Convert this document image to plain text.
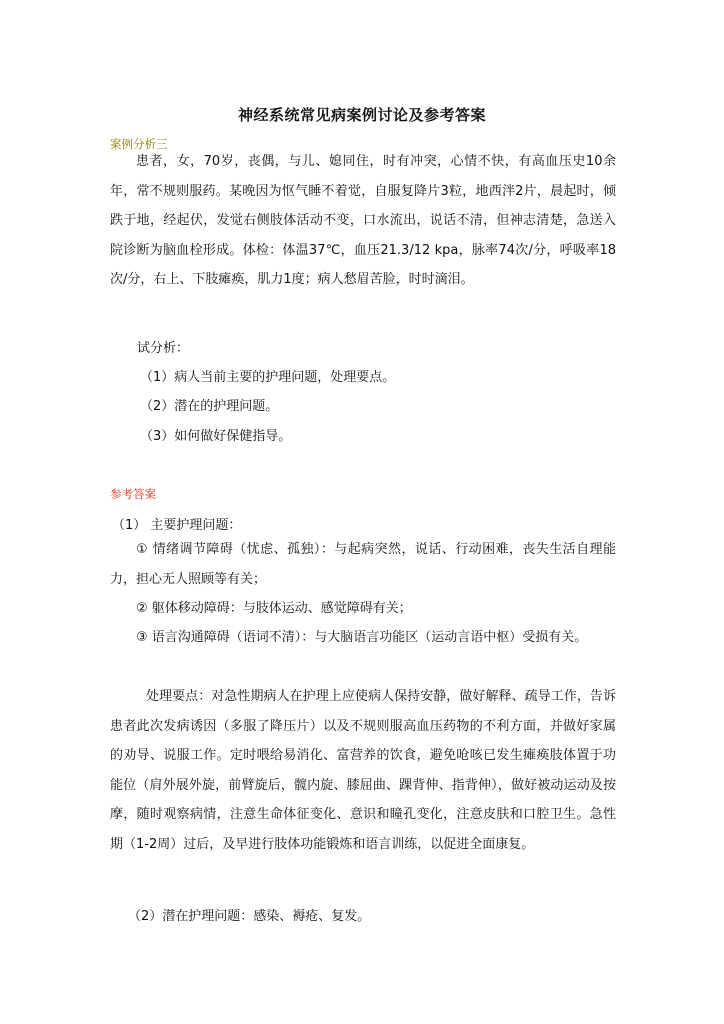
神经系统常见病案例讨论及参考答案
案例分析三

患者，女，70岁，丧偶，与儿、媳同住，时有冲突，心情不快，有高血压史10余年，常不规则服药。某晚因为怄气睡不着觉，自服复降片3粒，地西泮2片，晨起时，倾跌于地，经起伏，发觉右侧肢体活动不变，口水流出，说话不清，但神志清楚，急送入院诊断为脑血栓形成。体检：体温37℃，血压21.3/12 kpa，脉率74次/分，呼吸率18次/分，右上、下肢瘫痪，肌力1度；病人愁眉苦脸，时时滴泪。

试分析：
（1）病人当前主要的护理问题，处理要点。
（2）潜在的护理问题。
（3）如何做好保健指导。
参考答案
（1） 主要护理问题：

① 情绪调节障碍（忧虑、孤独）：与起病突然，说话、行动困难，丧失生活自理能力，担心无人照顾等有关；

② 躯体移动障碍：与肢体运动、感觉障碍有关；

③ 语言沟通障碍（语词不清）：与大脑语言功能区（运动言语中枢）受损有关。

处理要点：对急性期病人在护理上应使病人保持安静，做好解释、疏导工作，告诉患者此次发病诱因（多服了降压片）以及不规则服高血压药物的不利方面，并做好家属的劝导、说服工作。定时喂给易消化、富营养的饮食，避免呛咳已发生瘫痪肢体置于功能位（肩外展外旋，前臂旋后，髋内旋、膝屈曲、踝背伸、指背伸），做好被动运动及按摩，随时观察病情，注意生命体征变化、意识和瞳孔变化，注意皮肤和口腔卫生。急性期（1-2周）过后，及早进行肢体功能锻炼和语言训练，以促进全面康复。

（2）潜在护理问题：感染、褥疮、复发。
